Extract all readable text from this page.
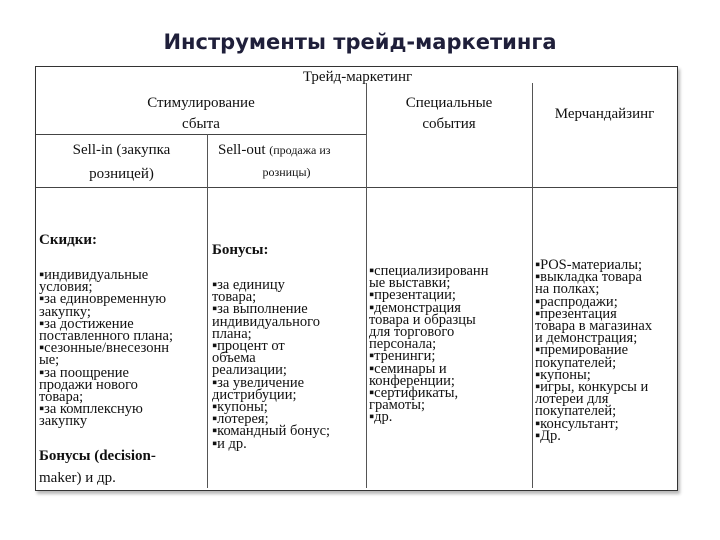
Инструменты трейд-маркетинга
Трейд-маркетинг
Стимулирование
сбыта
Специальные
события
Мерчандайзинг
Sell-in (закупка
розницей)
Sell-out (продажа из
розницы)
Скидки:
▪индивидуальные
условия;
▪за единовременную
закупку;
▪за достижение
поставленного плана;
▪сезонные/внесезонн
ые;
▪за поощрение
продажи нового
товара;
▪за комплексную
закупку
Бонусы (decision-
maker) и др.
Бонусы:
▪за единицу
товара;
▪за выполнение
индивидуального
плана;
▪процент от
объема
реализации;
▪за увеличение
дистрибуции;
▪купоны;
▪лотерея;
▪командный бонус;
▪и др.
▪специализированн
ые выставки;
▪презентации;
▪демонстрация
товара и образцы
для торгового
персонала;
▪тренинги;
▪семинары и
конференции;
▪сертификаты,
грамоты;
▪др.
▪POS-материалы;
▪выкладка товара
на полках;
▪распродажи;
▪презентация
товара в магазинах
и демонстрация;
▪премирование
покупателей;
▪купоны;
▪игры, конкурсы и
лотереи для
покупателей;
▪консультант;
▪Др.
